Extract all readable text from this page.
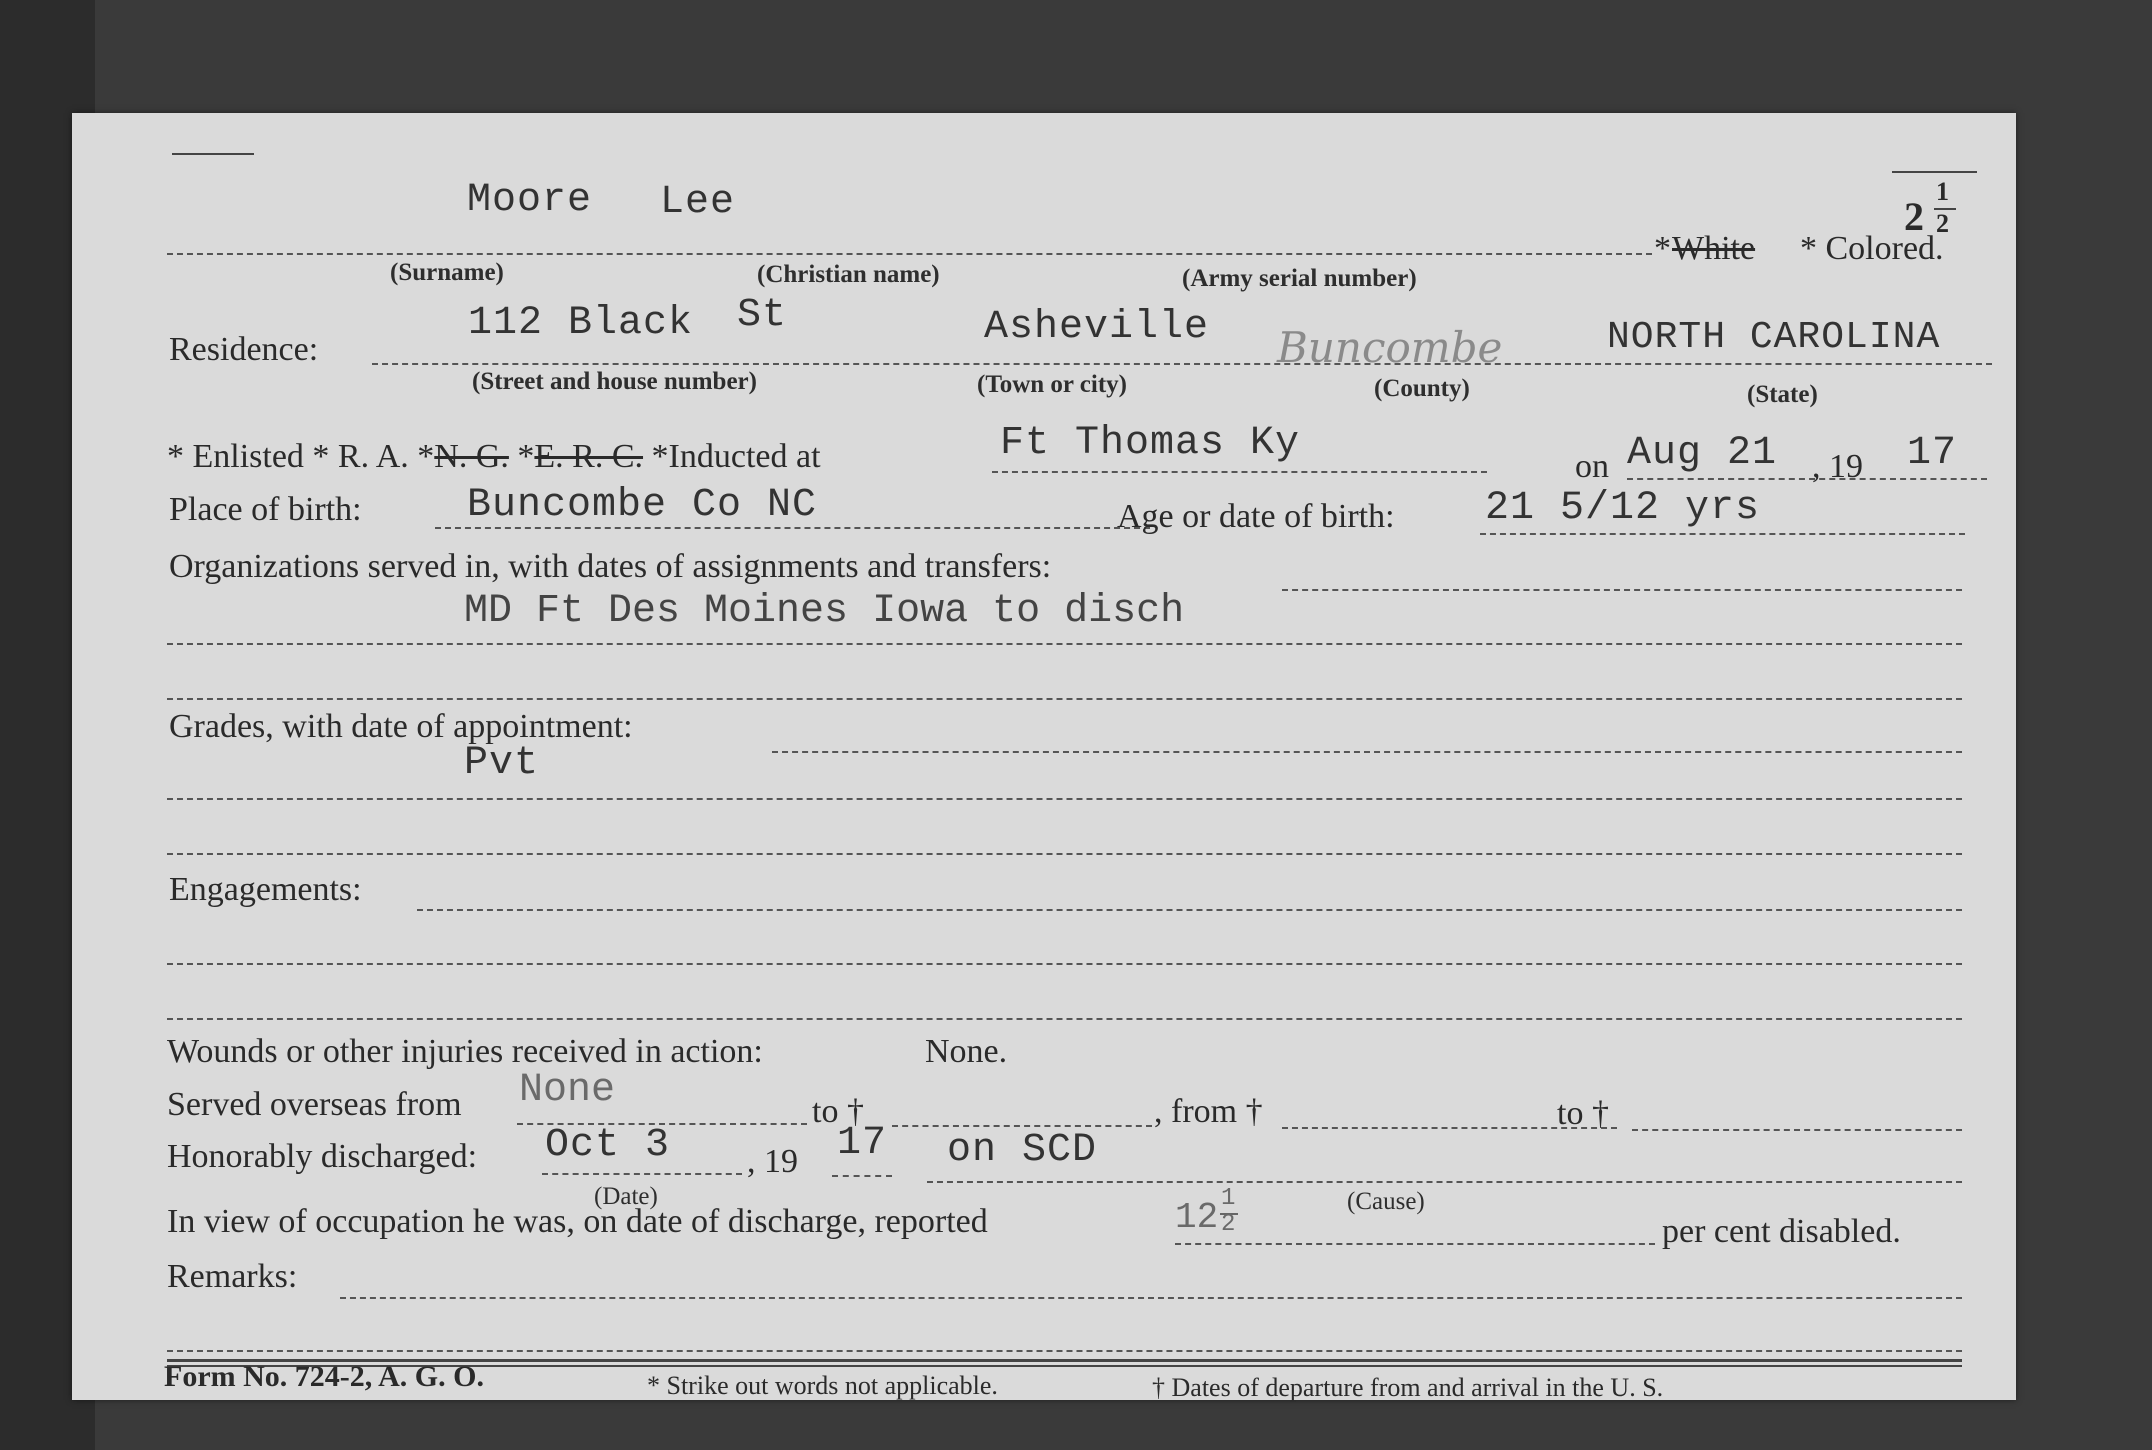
2
1
2
Moore Lee
* White * Colored.
(Surname)	(Christian name)	(Army serial number)
Residence:
112 Black St	Asheville Buncombe	NORTH CAROLINA
(Street and house number)	(Town or city)	(County)	(State)
* Enlisted * R. A. *N. G. *E. R. C. *Inducted at	Ft Thomas Ky
on Aug 21 , 19 17
Place of birth:	Buncombe Co NC	Age or date of birth: 21 5/12 yrs
Organizations served in, with dates of assignments and transfers:
MD Ft Des Moines Iowa to disch
Grades, with date of appointment:
Pvt
Engagements:
Wounds or other injuries received in action:	None.
Served overseas from None	to †	, from †	to †
Honorably discharged: Oct 3 , 19 17 on SCD
(Date)	(Cause)
In view of occupation he was, on date of discharge, reported	12 1
2	per cent disabled.
Remarks:
Form No. 724-2, A. G. O.	* Strike out words not applicable.	† Dates of departure from and arrival in the U. S.
